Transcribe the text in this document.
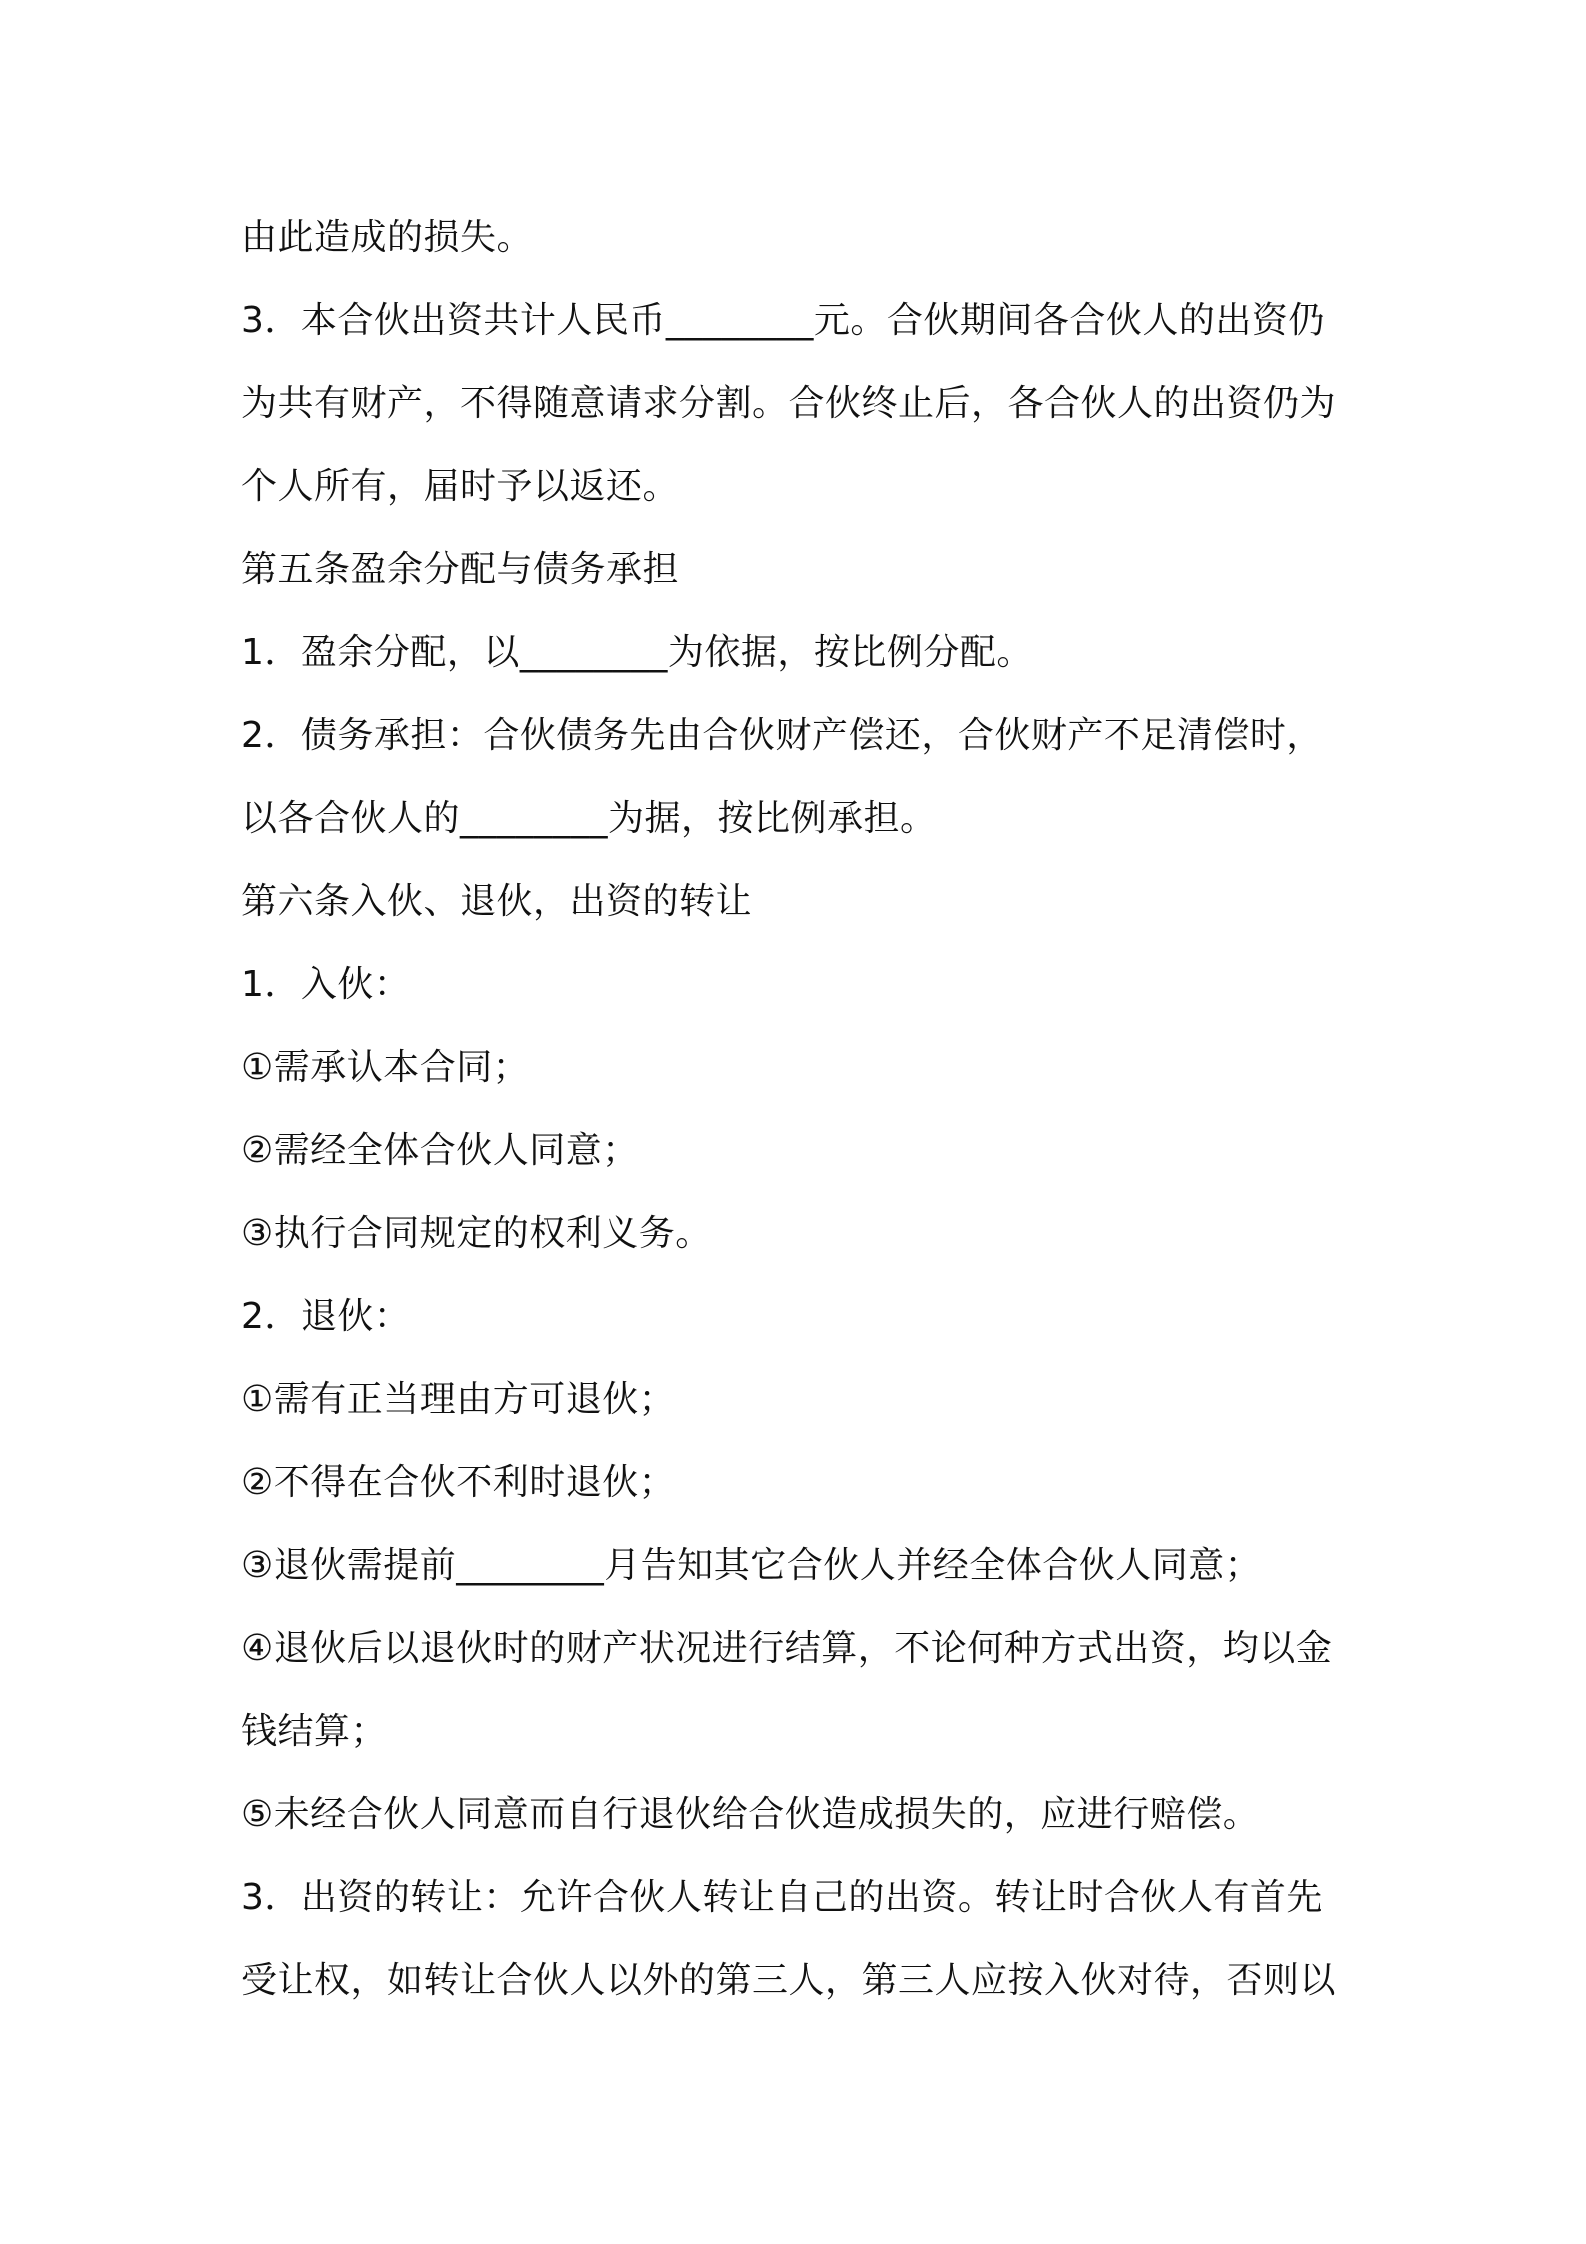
由此造成的损失。
3．本合伙出资共计人民币________元。合伙期间各合伙人的出资仍
为共有财产，不得随意请求分割。合伙终止后，各合伙人的出资仍为
个人所有，届时予以返还。
第五条盈余分配与债务承担
1．盈余分配，以________为依据，按比例分配。
2．债务承担：合伙债务先由合伙财产偿还，合伙财产不足清偿时，
以各合伙人的________为据，按比例承担。
第六条入伙、退伙，出资的转让
1．入伙：
①需承认本合同；
②需经全体合伙人同意；
③执行合同规定的权利义务。
2．退伙：
①需有正当理由方可退伙；
②不得在合伙不利时退伙；
③退伙需提前________月告知其它合伙人并经全体合伙人同意；
④退伙后以退伙时的财产状况进行结算，不论何种方式出资，均以金
钱结算；
⑤未经合伙人同意而自行退伙给合伙造成损失的，应进行赔偿。
3．出资的转让：允许合伙人转让自己的出资。转让时合伙人有首先
受让权，如转让合伙人以外的第三人，第三人应按入伙对待，否则以
